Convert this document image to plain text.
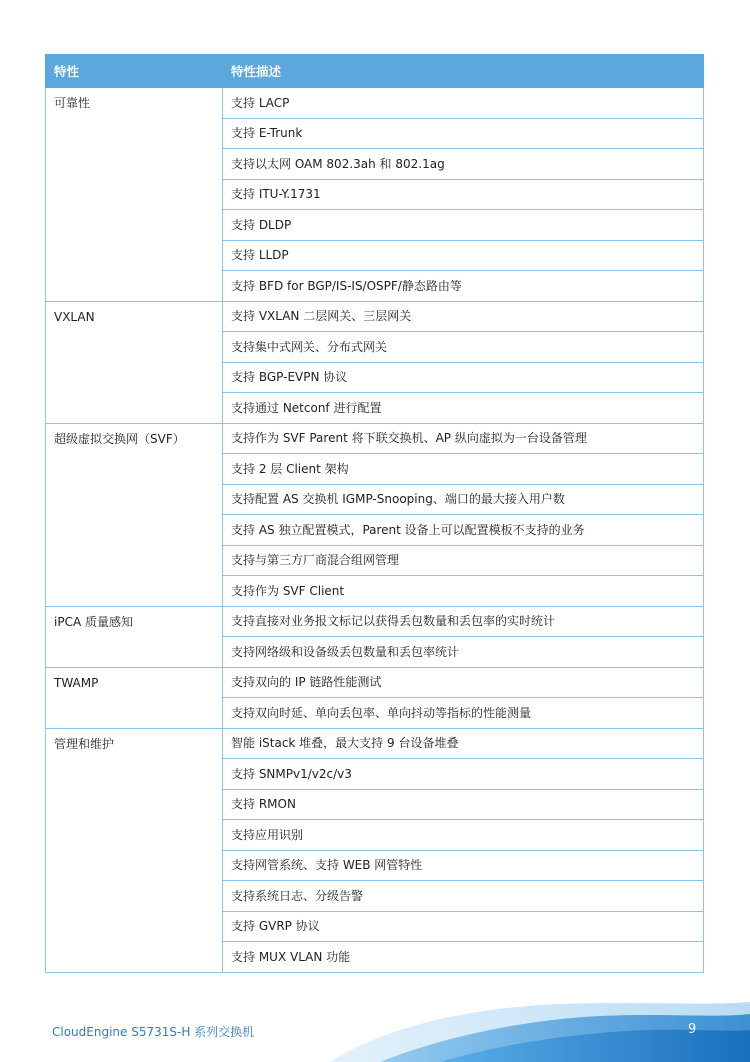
特性	特性描述
可靠性	支持 LACP
	支持 E-Trunk
	支持以太网 OAM 802.3ah 和 802.1ag
	支持 ITU-Y.1731
	支持 DLDP
	支持 LLDP
	支持 BFD for BGP/IS-IS/OSPF/静态路由等
VXLAN	支持 VXLAN 二层网关、三层网关
	支持集中式网关、分布式网关
	支持 BGP-EVPN 协议
	支持通过 Netconf 进行配置
超级虚拟交换网（SVF）	支持作为 SVF Parent 将下联交换机、AP 纵向虚拟为一台设备管理
	支持 2 层 Client 架构
	支持配置 AS 交换机 IGMP-Snooping、端口的最大接入用户数
	支持 AS 独立配置模式，Parent 设备上可以配置模板不支持的业务
	支持与第三方厂商混合组网管理
	支持作为 SVF Client
iPCA 质量感知	支持直接对业务报文标记以获得丢包数量和丢包率的实时统计
	支持网络级和设备级丢包数量和丢包率统计
TWAMP	支持双向的 IP 链路性能测试
	支持双向时延、单向丢包率、单向抖动等指标的性能测量
管理和维护	智能 iStack 堆叠，最大支持 9 台设备堆叠
	支持 SNMPv1/v2c/v3
	支持 RMON
	支持应用识别
	支持网管系统、支持 WEB 网管特性
	支持系统日志、分级告警
	支持 GVRP 协议
	支持 MUX VLAN 功能
CloudEngine S5731S-H 系列交换机	9
